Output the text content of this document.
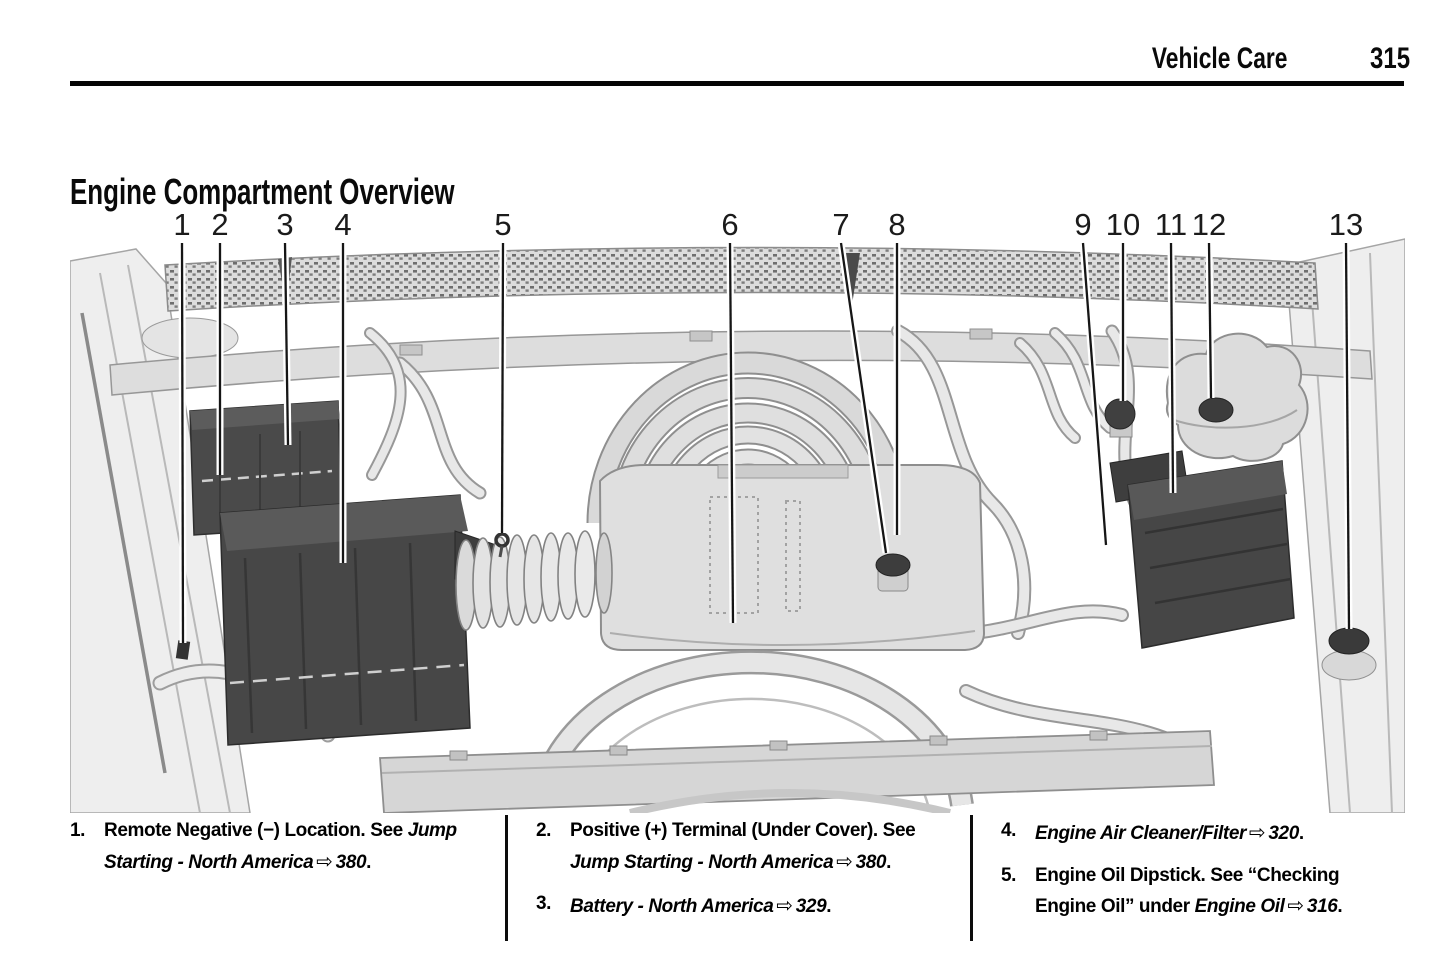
Vehicle Care	315
Engine Compartment Overview
1 2 3 4	5	6	7 8	9 10 11 12	13
1. Remote Negative (−) Location. See Jump Starting - North America ⇨ 380.

2. Positive (+) Terminal (Under Cover). See Jump Starting - North America ⇨ 380.

3. Battery - North America ⇨ 329.

4. Engine Air Cleaner/Filter ⇨ 320.

5. Engine Oil Dipstick. See “Checking Engine Oil” under Engine Oil ⇨ 316.
